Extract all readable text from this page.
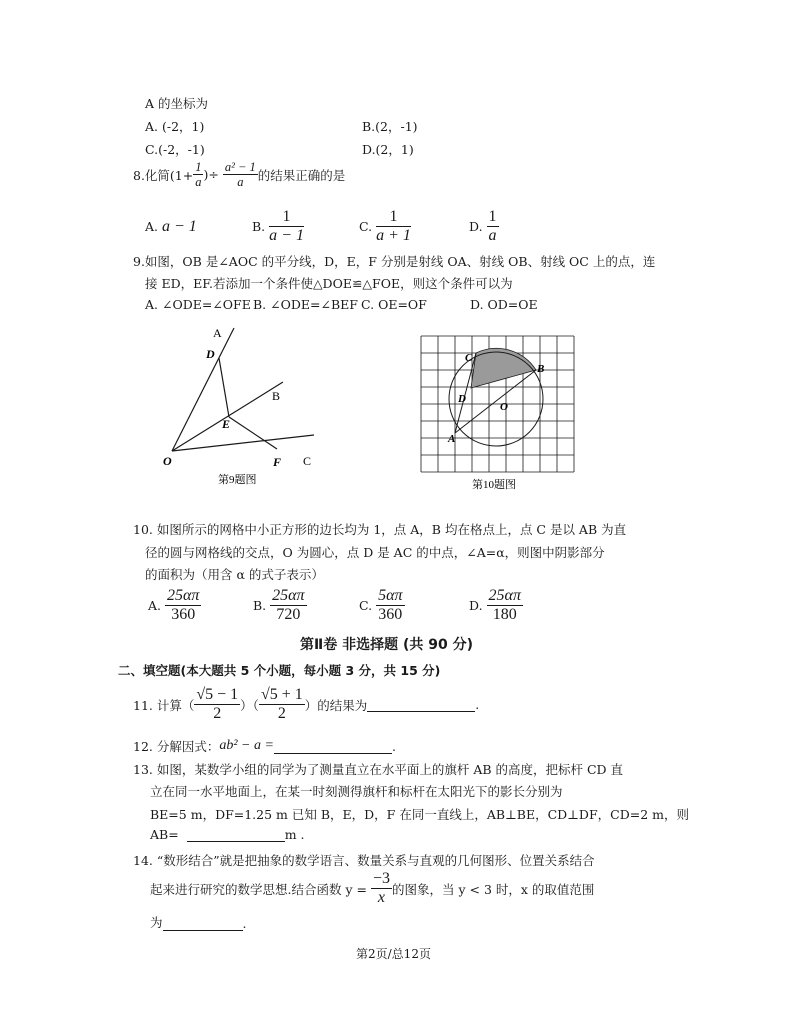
A 的坐标为
A. (-2，1)	B.(2，-1)
C.(-2，-1)	D.(2，1)
8.化简($1+ \frac{1}{a}$ )÷ $\frac{\text{a² − 1}}{a}$ 的结果正确的是
A.
a − 1	B.
$\frac{1}{a - 1}$	C.
$\frac{1}{a + 1}$	D.
$\frac{1}{a}$
9.如图，OB 是∠AOC 的平分线，D，E，F 分别是射线 OA、射线 OB、射线 OC 上的点，连
接 ED，EF.若添加一个条件使△DOE≌△FOE，则这个条件可以为
A. ∠ODE=∠OFE B. ∠ODE=∠BEF C. OE=OF	D. OD=OE
A
D
B
E
O	F C
第9题图
C
B
D
O
A
第10题图
10. 如图所示的网格中小正方形的边长均为 1，点 A，B 均在格点上，点 C 是以 AB 为直
径的圆与网格线的交点，O 为圆心，点 D 是 AC 的中点，∠A=α，则图中阴影部分
的面积为（用含 α 的式子表示）
A.
$\frac{25\alpha\pi}{360}$	B.
$\frac{25\alpha\pi}{720}$	C.
$\frac{5\alpha\pi}{360}$	D.
$\frac{25\alpha\pi}{180}$
第Ⅱ卷 非选择题 (共 90 分)
二、填空题(本大题共 5 个小题，每小题 3 分，共 15 分)
11. 计算（ $\frac{√5 - 1}{2}$ ）（ $\frac{√5 + 1}{2}$ ）的结果为	.
12. 分解因式： ab² − a =	.
13. 如图，某数学小组的同学为了测量直立在水平面上的旗杆 AB 的高度，把标杆 CD 直
立在同一水平地面上，在某一时刻测得旗杆和标杆在太阳光下的影长分别为
BE=5 m，DF=1.25 m 已知 B，E，D，F 在同一直线上，AB⊥BE，CD⊥DF，CD=2 m，则
AB=	m .
14. “数形结合”就是把抽象的数学语言、数量关系与直观的几何图形、位置关系结合
起来进行研究的数学思想.结合函数 $y = \frac{-3}{x}$ 的图象，当 y < 3 时，x 的取值范围
为	.
第2页/总12页
